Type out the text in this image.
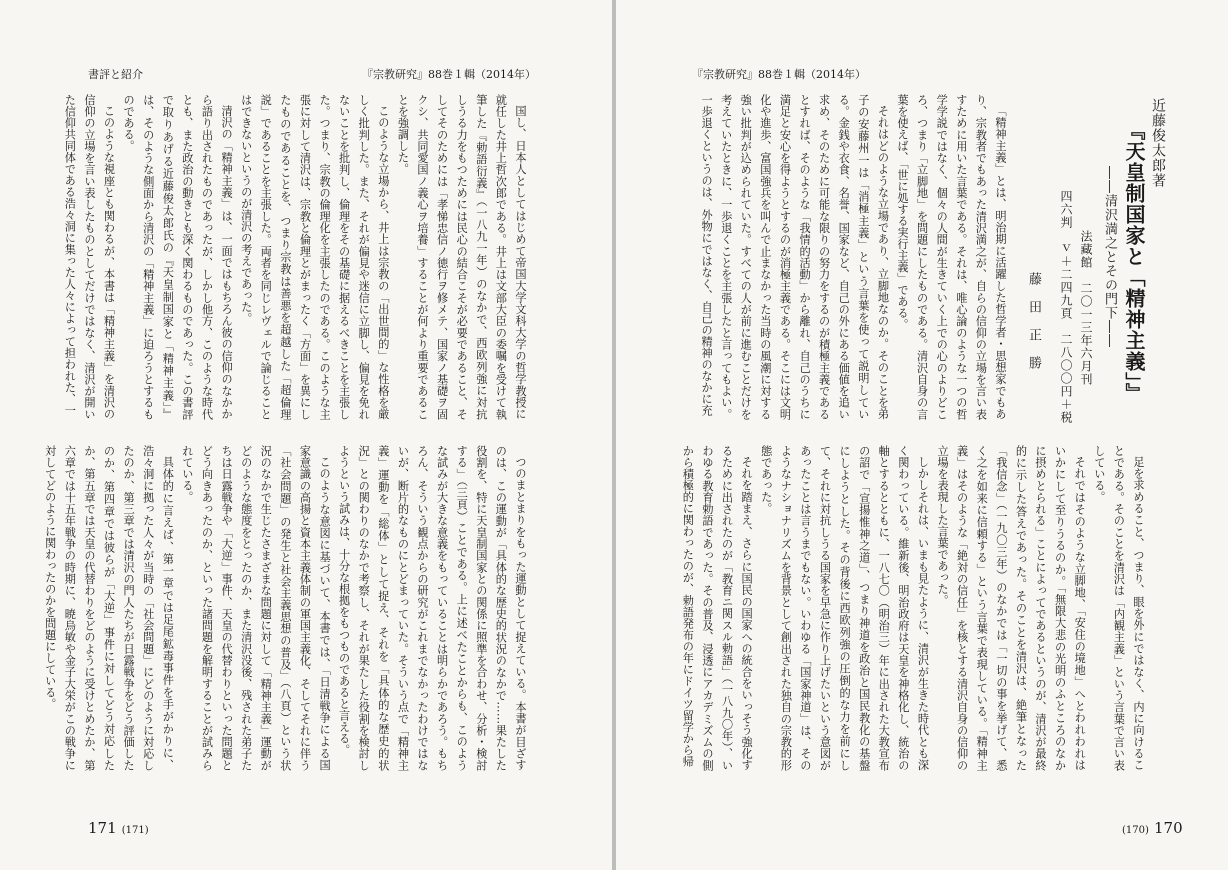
書評と紹介	『宗教研究』88巻１輯（2014年）
国し、日本人としてはじめて帝国大学文科大学の哲学教授に就任した井上哲次郎である。井上は文部大臣の委嘱を受けて執筆した『勅語衍義』（一八九一年）のなかで、西欧列強に対抗しうる力をもつためには民心の結合こそが必要であること、そしてそのためには「孝悌忠信ノ徳行ヲ修メテ、国家ノ基礎ヲ固クシ、共同愛国ノ義心ヲ培養」することが何より重要であることを強調した。
このような立場から、井上は宗教の「出世間的」な性格を厳しく批判した。また、それが偏見や迷信に立脚し、偏見を免れないことを批判し、倫理をその基礎に据えるべきことを主張した。つまり、宗教の倫理化を主張したのである。このような主張に対して清沢は、宗教と倫理とがまったく「方面」を異にしたものであることを、つまり宗教は善悪を超越した「超倫理説」であることを主張した。両者を同じレヴェルで論じることはできないというのが清沢の考えであった。
清沢の「精神主義」は、一面ではもちろん彼の信仰のなかから語り出されたものであったが、しかし他方、このような時代とも、また政治の動きとも深く関わるものであった。この書評で取りあげる近藤俊太郎氏の『天皇制国家と「精神主義」』は、そのような側面から清沢の「精神主義」に迫ろうとするものである。
このような視座とも関わるが、本書は「精神主義」を清沢の信仰の立場を言い表したものとしてだけではなく、清沢が開いた信仰共同体である浩々洞に集った人々によって担われた、一
つのまとまりをもった運動として捉えている。本書が目ざすのは、この運動が「具体的な歴史的状況のなかで……果たした役割を、特に天皇制国家との関係に照準を合わせ、分析・検討する」（三頁）ことである。上に述べたことからも、このような試みが大きな意義をもっていることは明らかであろう。もちろん、そういう観点からの研究がこれまでなかったわけではないが、断片的なものにとどまっていた。そういう点で「精神主義」運動を「総体」として捉え、それを「具体的な歴史的状況」との関わりのなかで考察し、それが果たした役割を検討しようという試みは、十分な根拠をもつものであると言える。
このような意図に基づいて、本書では、「日清戦争による国家意識の高揚と資本主義体制の軍国主義化、そしてそれに伴う「社会問題」の発生と社会主義思想の普及」（八頁）という状況のなかで生じたさまざまな問題に対して「精神主義」運動がどのような態度をとったのか、また清沢没後、残された弟子たちは日露戦争や「大逆」事件、天皇の代替わりといった問題とどう向きあったのか、といった諸問題を解明することが試みられている。
具体的に言えば、第一章では足尾鉱毒事件を手がかりに、浩々洞に拠った人々が当時の「社会問題」にどのように対応したのか、第三章では清沢の門人たちが日露戦争をどう評価したのか、第四章では彼らが「大逆」事件に対してどう対応したか、第五章では天皇の代替わりをどのように受けとめたか、第六章では十五年戦争の時期に、暁烏敏や金子大栄がこの戦争に対してどのように関わったのかを問題にしている。
171 (171)
『宗教研究』88巻１輯（2014年）
近藤俊太郎著
『天皇制国家と「精神主義」』
――清沢満之とその門下――
法藏館　二〇一三年六月刊
四六判　ｖ＋二四九頁　二八〇〇円＋税
藤　田　正　勝
「精神主義」とは、明治期に活躍した哲学者・思想家でもあり、宗教者でもあった清沢満之が、自らの信仰の立場を言い表すために用いた言葉である。それは、唯心論のような一つの哲学学説ではなく、個々の人間が生きていく上での心のよりどころ、つまり「立脚地」を問題にしたものである。清沢自身の言葉を使えば、「世に処する実行主義」である。
それはどのような立場であり、立脚地なのか。そのことを弟子の安藤州一は「消極主義」という言葉を使って説明している。金銭や衣食、名誉、国家など、自己の外にある価値を追い求め、そのために可能な限りの努力をするのが積極主義であるとすれば、そのような「我情的活動」から離れ、自己のうちに満足と安心を得ようとするのが消極主義である。そこには文明化や進歩、富国強兵を叫んで止まなかった当時の風潮に対する強い批判が込められていた。すべての人が前に進むことだけを考えていたときに、一歩退くことを主張したと言ってもよい。一歩退くというのは、外物にではなく、自己の精神のなかに充
足を求めること、つまり、眼を外にではなく、内に向けることである。そのことを清沢は「内観主義」という言葉で言い表している。
それではそのような立脚地、「安住の境地」へとわれわれはいかにして至りうるのか。「無限大悲の光明のふところのなかに摂めとられる」ことによってであるというのが、清沢が最終的に示した答えであった。そのことを清沢は、絶筆となった「我信念」（一九〇三年）のなかでは「一切の事を挙げて、悉く之を如来に信頼する」という言葉で表現している。「精神主義」はそのような「絶対の信任」を核とする清沢自身の信仰の立場を表現した言葉であった。
しかしそれは、いまも見たように、清沢が生きた時代とも深く関わっている。維新後、明治政府は天皇を神格化し、統治の軸とするとともに、一八七〇（明治三）年に出された大教宣布の詔で「宣揚惟神之道」、つまり神道を政治と国民教化の基盤にしようとした。その背後に西欧列強の圧倒的な力を前にして、それに対抗しうる国家を早急に作り上げたいという意図があったことは言うまでもない。いわゆる「国家神道」は、そのようなナショナリズムを背景として創出された独自の宗教的形態であった。
それを踏まえ、さらに国民の国家への統合をいっそう強化するために出されたのが「教育ニ関スル勅語」（一八九〇年）、いわゆる教育勅語であった。その普及、浸透にアカデミズムの側から積極的に関わったのが、勅語発布の年にドイツ留学から帰
(170) 170
